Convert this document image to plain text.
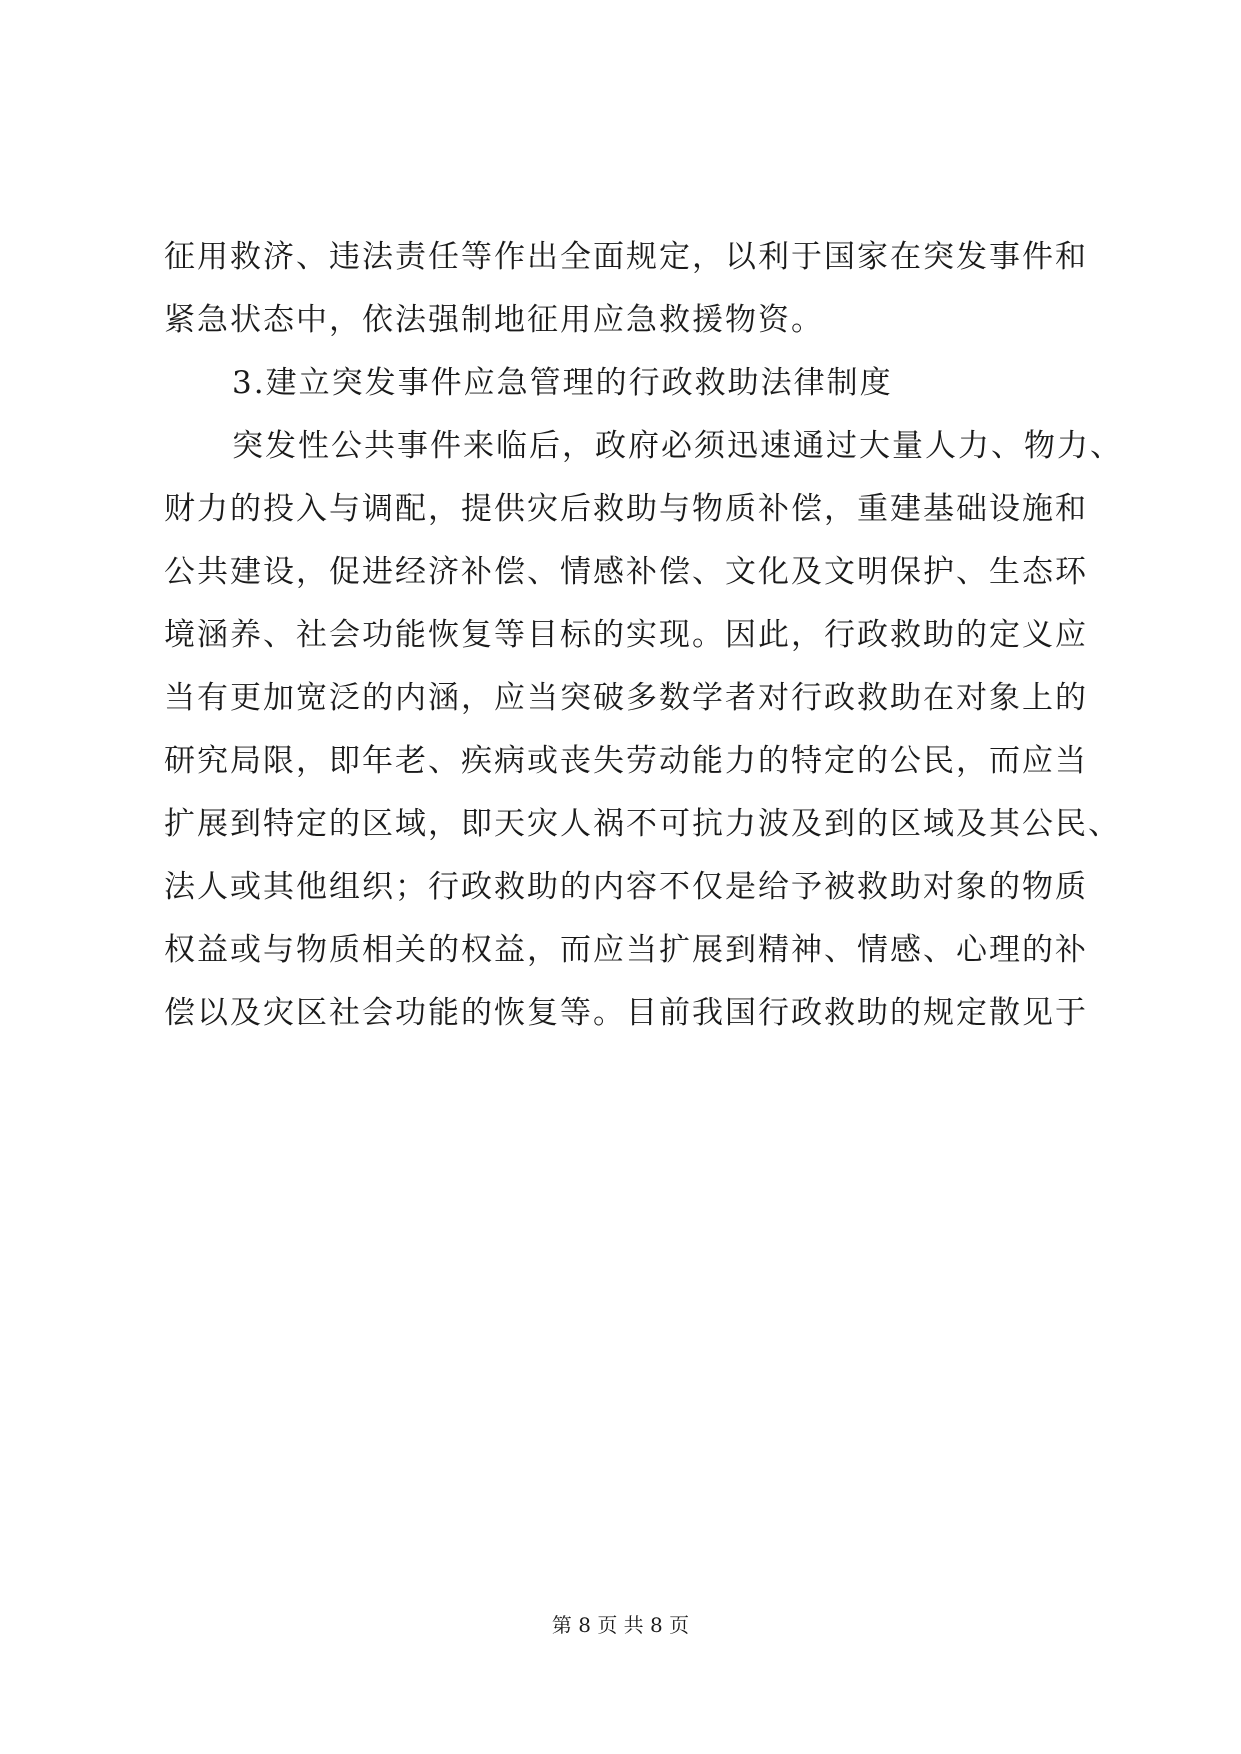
征用救济、违法责任等作出全面规定，以利于国家在突发事件和
紧急状态中，依法强制地征用应急救援物资。
3.建立突发事件应急管理的行政救助法律制度
突发性公共事件来临后，政府必须迅速通过大量人力、物力、
财力的投入与调配，提供灾后救助与物质补偿，重建基础设施和
公共建设，促进经济补偿、情感补偿、文化及文明保护、生态环
境涵养、社会功能恢复等目标的实现。因此，行政救助的定义应
当有更加宽泛的内涵，应当突破多数学者对行政救助在对象上的
研究局限，即年老、疾病或丧失劳动能力的特定的公民，而应当
扩展到特定的区域，即天灾人祸不可抗力波及到的区域及其公民、
法人或其他组织；行政救助的内容不仅是给予被救助对象的物质
权益或与物质相关的权益，而应当扩展到精神、情感、心理的补
偿以及灾区社会功能的恢复等。目前我国行政救助的规定散见于
第 8 页 共 8 页
